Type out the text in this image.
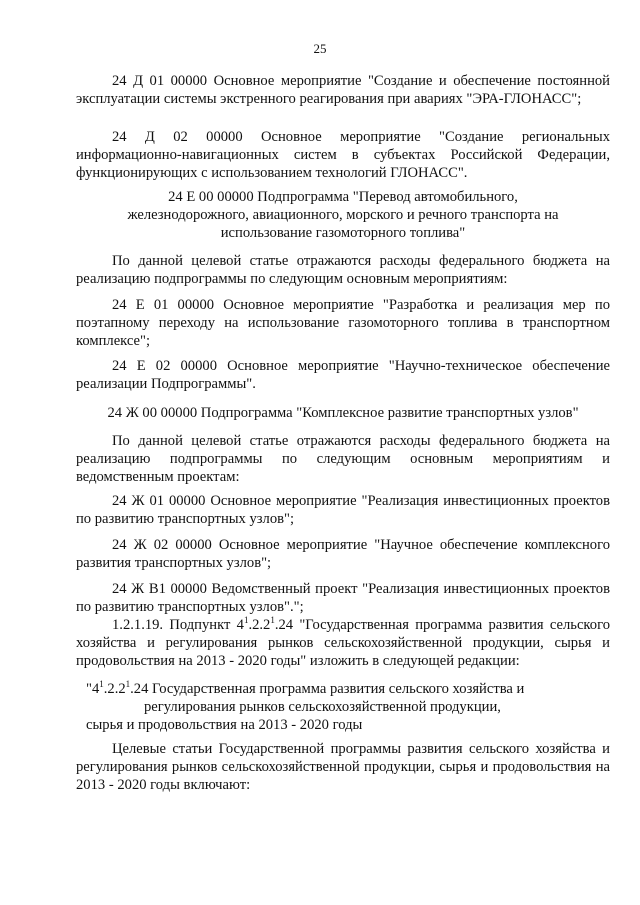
25

24 Д 01 00000 Основное мероприятие "Создание и обеспечение постоянной эксплуатации системы экстренного реагирования при авариях "ЭРА-ГЛОНАСС";

24 Д 02 00000 Основное мероприятие "Создание региональных информационно-навигационных систем в субъектах Российской Федерации, функционирующих с использованием технологий ГЛОНАСС".

24 Е 00 00000 Подпрограмма "Перевод автомобильного, железнодорожного, авиационного, морского и речного транспорта на использование газомоторного топлива"

По данной целевой статье отражаются расходы федерального бюджета на реализацию подпрограммы по следующим основным мероприятиям:

24 Е 01 00000 Основное мероприятие "Разработка и реализация мер по поэтапному переходу на использование газомоторного топлива в транспортном комплексе";

24 Е 02 00000 Основное мероприятие "Научно-техническое обеспечение реализации Подпрограммы".

24 Ж 00 00000 Подпрограмма "Комплексное развитие транспортных узлов"

По данной целевой статье отражаются расходы федерального бюджета на реализацию подпрограммы по следующим основным мероприятиям и ведомственным проектам:

24 Ж 01 00000 Основное мероприятие "Реализация инвестиционных проектов по развитию транспортных узлов";

24 Ж 02 00000 Основное мероприятие "Научное обеспечение комплексного развития транспортных узлов";

24 Ж В1 00000 Ведомственный проект "Реализация инвестиционных проектов по развитию транспортных узлов".";

1.2.1.19. Подпункт $4^1.2.2^1.24$ "Государственная программа развития сельского хозяйства и регулирования рынков сельскохозяйственной продукции, сырья и продовольствия на 2013 - 2020 годы" изложить в следующей редакции:

"$4^1.2.2^1.24$ Государственная программа развития сельского хозяйства и
регулирования рынков сельскохозяйственной продукции,
сырья и продовольствия на 2013 - 2020 годы

Целевые статьи Государственной программы развития сельского хозяйства и регулирования рынков сельскохозяйственной продукции, сырья и продовольствия на 2013 - 2020 годы включают:
